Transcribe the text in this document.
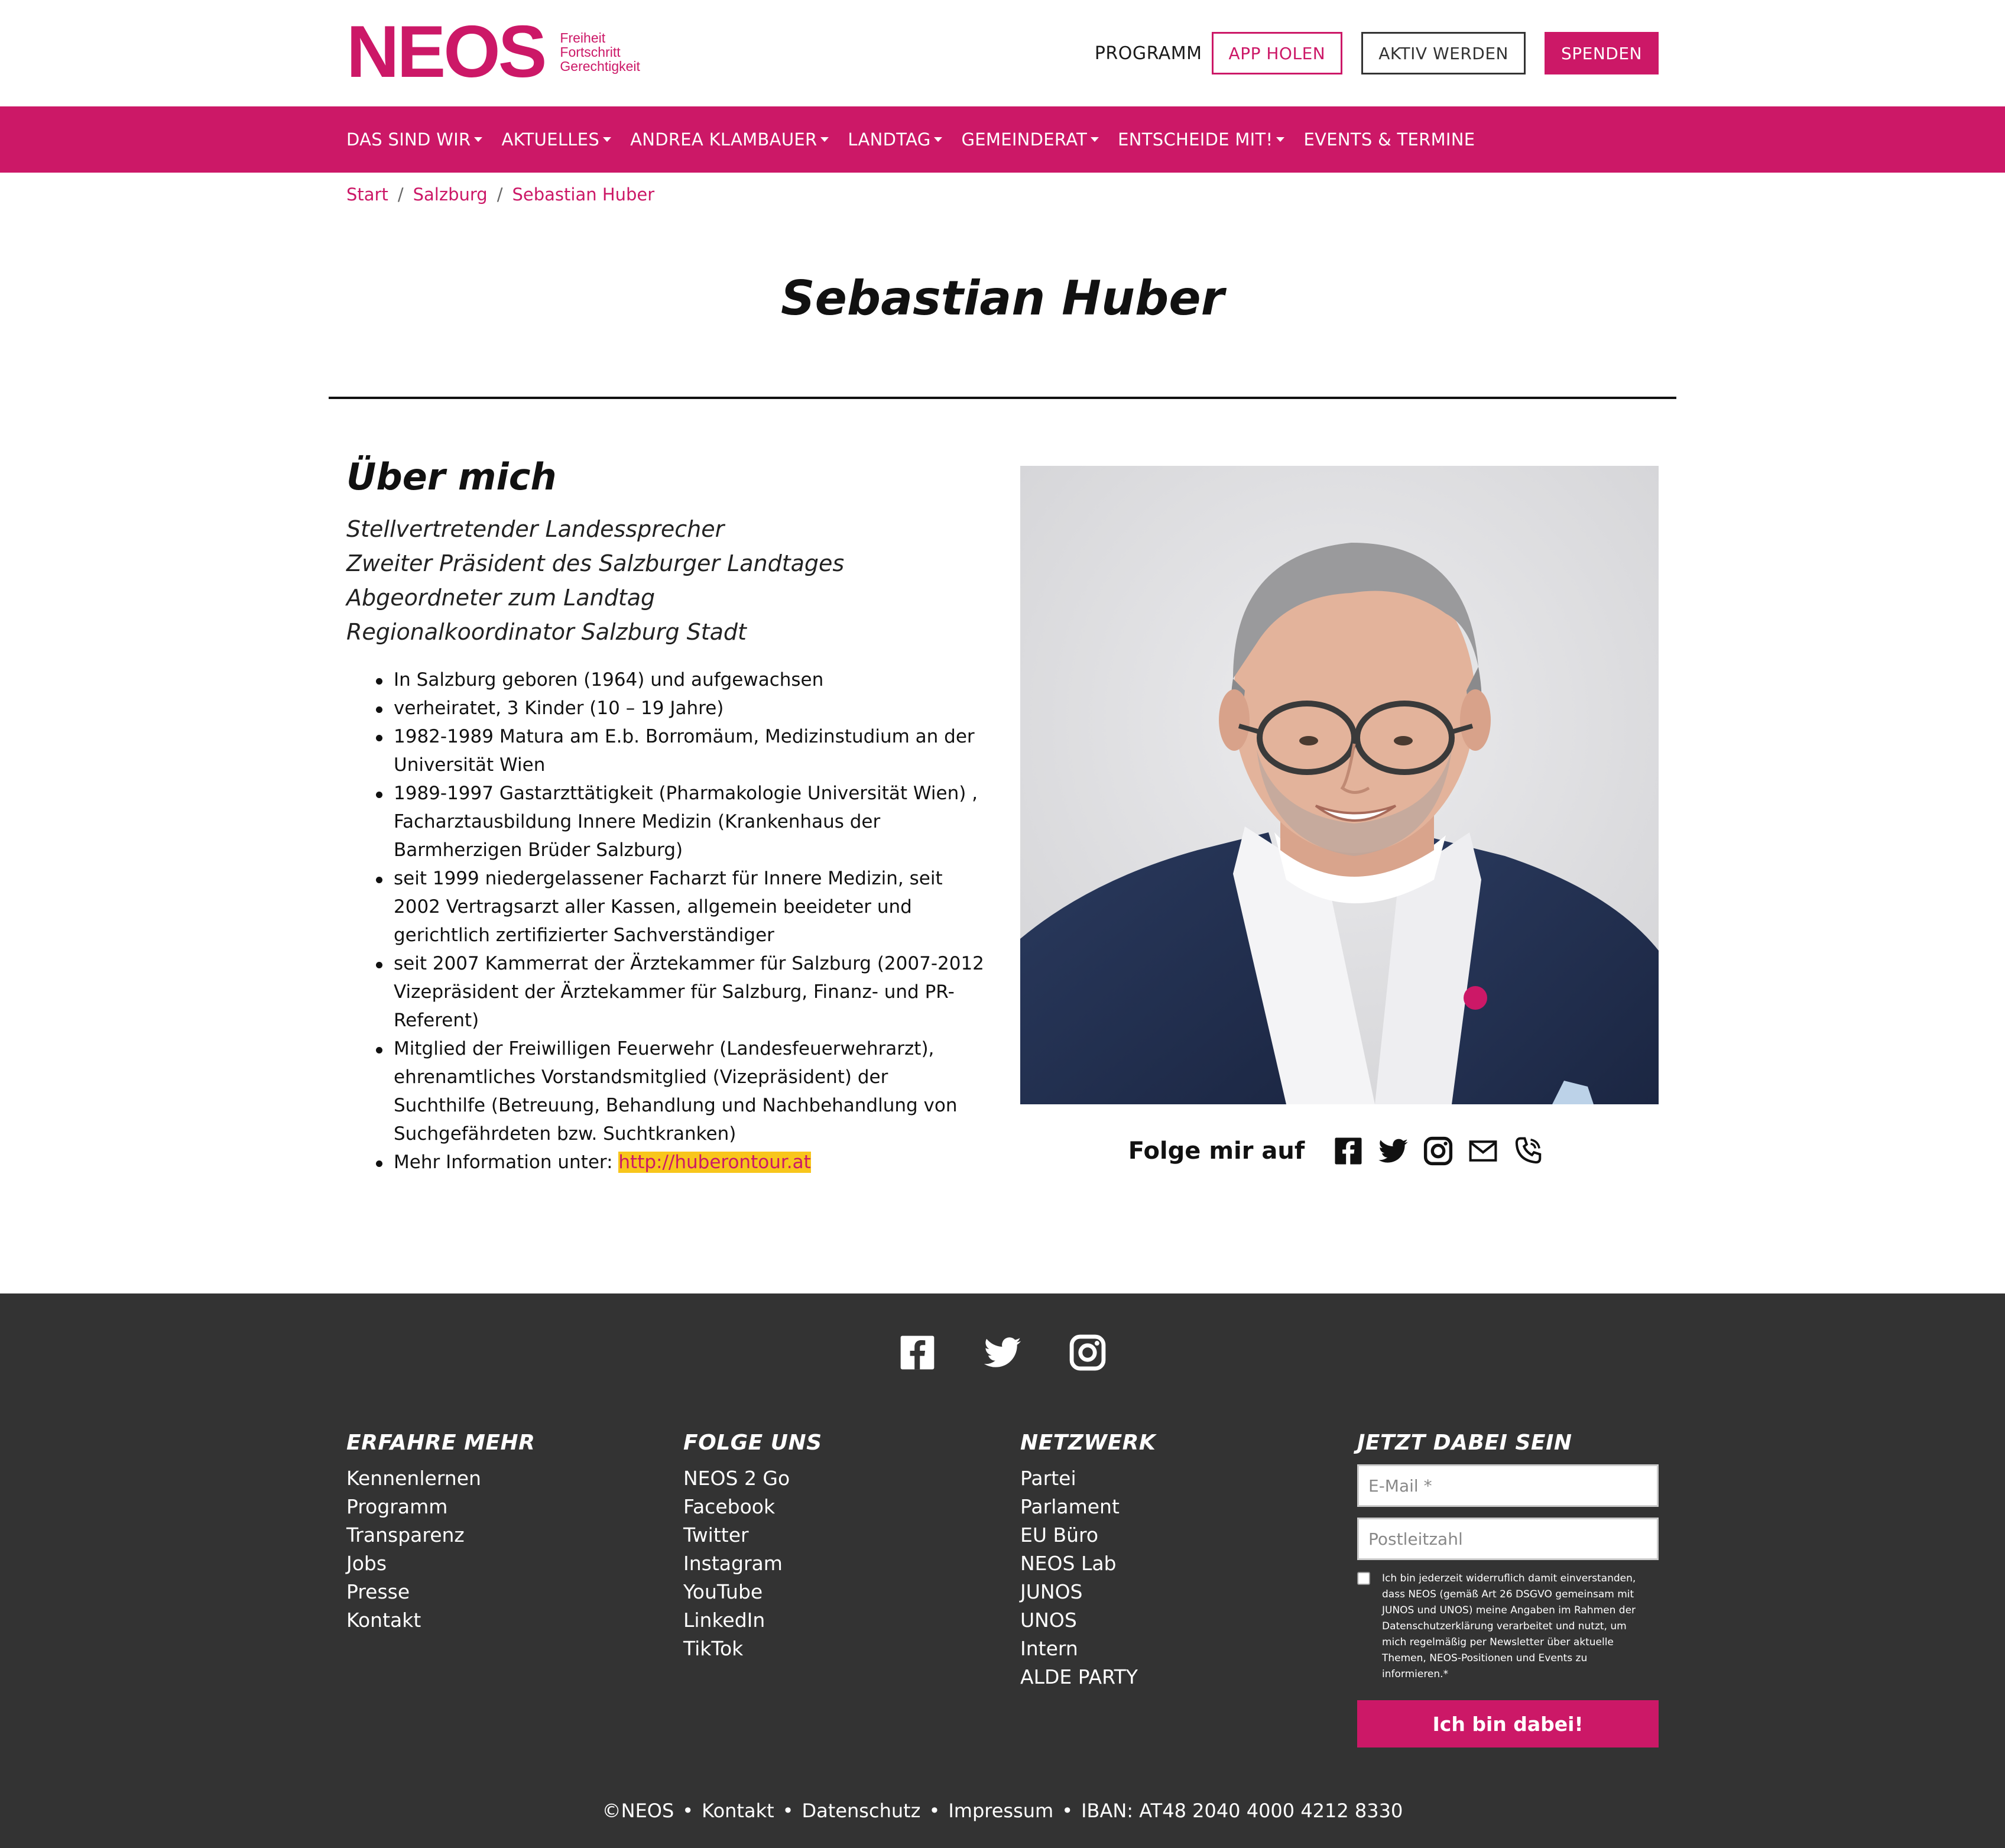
NEOS Freiheit
Fortschritt
Gerechtigkeit
PROGRAMM	APP HOLEN	AKTIV WERDEN	SPENDEN
DAS SIND WIR AKTUELLES ANDREA KLAMBAUER LANDTAG GEMEINDERAT ENTSCHEIDE MIT! EVENTS & TERMINE
Start / Salzburg / Sebastian Huber
Sebastian Huber
Über mich
Stellvertretender Landessprecher
Zweiter Präsident des Salzburger Landtages
Abgeordneter zum Landtag
Regionalkoordinator Salzburg Stadt
In Salzburg geboren (1964) und aufgewachsen
verheiratet, 3 Kinder (10 – 19 Jahre)
1982-1989 Matura am E.b. Borromäum, Medizinstudium an der Universität Wien
1989-1997 Gastarzttätigkeit (Pharmakologie Universität Wien) , Facharztausbildung Innere Medizin (Krankenhaus der Barmherzigen Brüder Salzburg)
seit 1999 niedergelassener Facharzt für Innere Medizin, seit 2002 Vertragsarzt aller Kassen, allgemein beeideter und gerichtlich zertifizierter Sachverständiger
seit 2007 Kammerrat der Ärztekammer für Salzburg (2007-2012 Vizepräsident der Ärztekammer für Salzburg, Finanz- und PR-Referent)
Mitglied der Freiwilligen Feuerwehr (Landesfeuerwehrarzt), ehrenamtliches Vorstandsmitglied (Vizepräsident) der Suchthilfe (Betreuung, Behandlung und Nachbehandlung von Suchgefährdeten bzw. Suchtkranken)
Mehr Information unter: http://huberontour.at	Folge mir auf
ERFAHRE MEHR
Kennenlernen
Programm
Transparenz
Jobs
Presse
Kontakt
FOLGE UNS
NEOS 2 Go
Facebook
Twitter
Instagram
YouTube
LinkedIn
TikTok
NETZWERK
Partei
Parlament
EU Büro
NEOS Lab
JUNOS
UNOS
Intern
ALDE PARTY
JETZT DABEI SEIN
E-Mail *
Postleitzahl
Ich bin jederzeit widerruflich damit einverstanden, dass NEOS (gemäß Art 26 DSGVO gemeinsam mit JUNOS und UNOS) meine Angaben im Rahmen der Datenschutzerklärung verarbeitet und nutzt, um mich regelmäßig per Newsletter über aktuelle Themen, NEOS-Positionen und Events zu informieren.*
Ich bin dabei!
©NEOS • Kontakt • Datenschutz • Impressum • IBAN: AT48 2040 4000 4212 8330
